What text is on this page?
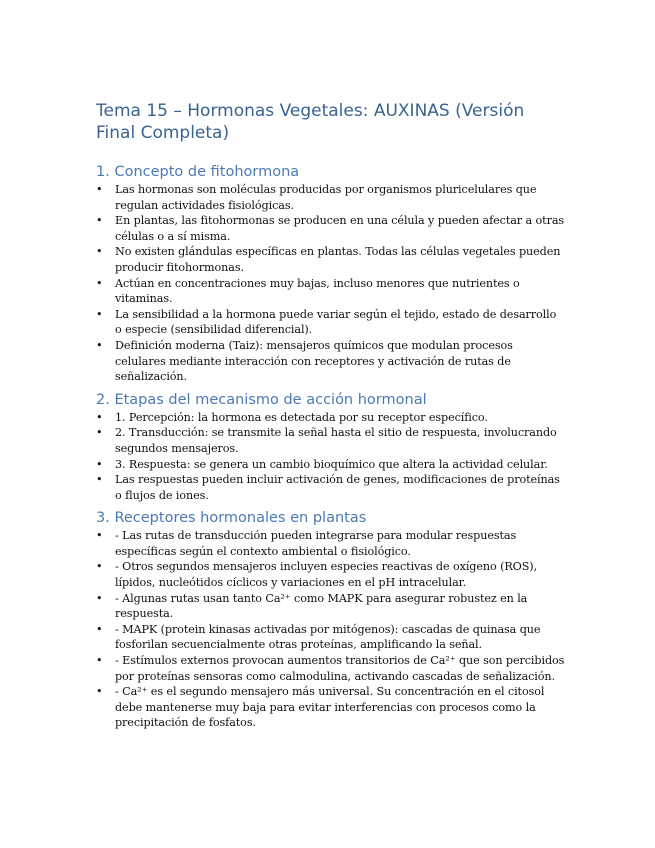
Tema 15 – Hormonas Vegetales: AUXINAS (Versión Final Completa)
1. Concepto de fitohormona
• Las hormonas son moléculas producidas por organismos pluricelulares que regulan actividades fisiológicas.
• En plantas, las fitohormonas se producen en una célula y pueden afectar a otras células o a sí misma.
• No existen glándulas específicas en plantas. Todas las células vegetales pueden producir fitohormonas.
• Actúan en concentraciones muy bajas, incluso menores que nutrientes o vitaminas.
• La sensibilidad a la hormona puede variar según el tejido, estado de desarrollo o especie (sensibilidad diferencial).
• Definición moderna (Taiz): mensajeros químicos que modulan procesos celulares mediante interacción con receptores y activación de rutas de señalización.
2. Etapas del mecanismo de acción hormonal
• 1. Percepción: la hormona es detectada por su receptor específico.
• 2. Transducción: se transmite la señal hasta el sitio de respuesta, involucrando segundos mensajeros.
• 3. Respuesta: se genera un cambio bioquímico que altera la actividad celular.
• Las respuestas pueden incluir activación de genes, modificaciones de proteínas o flujos de iones.
3. Receptores hormonales en plantas
• - Las rutas de transducción pueden integrarse para modular respuestas específicas según el contexto ambiental o fisiológico.
• - Otros segundos mensajeros incluyen especies reactivas de oxígeno (ROS), lípidos, nucleótidos cíclicos y variaciones en el pH intracelular.
• - Algunas rutas usan tanto Ca²⁺ como MAPK para asegurar robustez en la respuesta.
• - MAPK (protein kinasas activadas por mitógenos): cascadas de quinasa que fosforilan secuencialmente otras proteínas, amplificando la señal.
• - Estímulos externos provocan aumentos transitorios de Ca²⁺ que son percibidos por proteínas sensoras como calmodulina, activando cascadas de señalización.
• - Ca²⁺ es el segundo mensajero más universal. Su concentración en el citosol debe mantenerse muy baja para evitar interferencias con procesos como la precipitación de fosfatos.
